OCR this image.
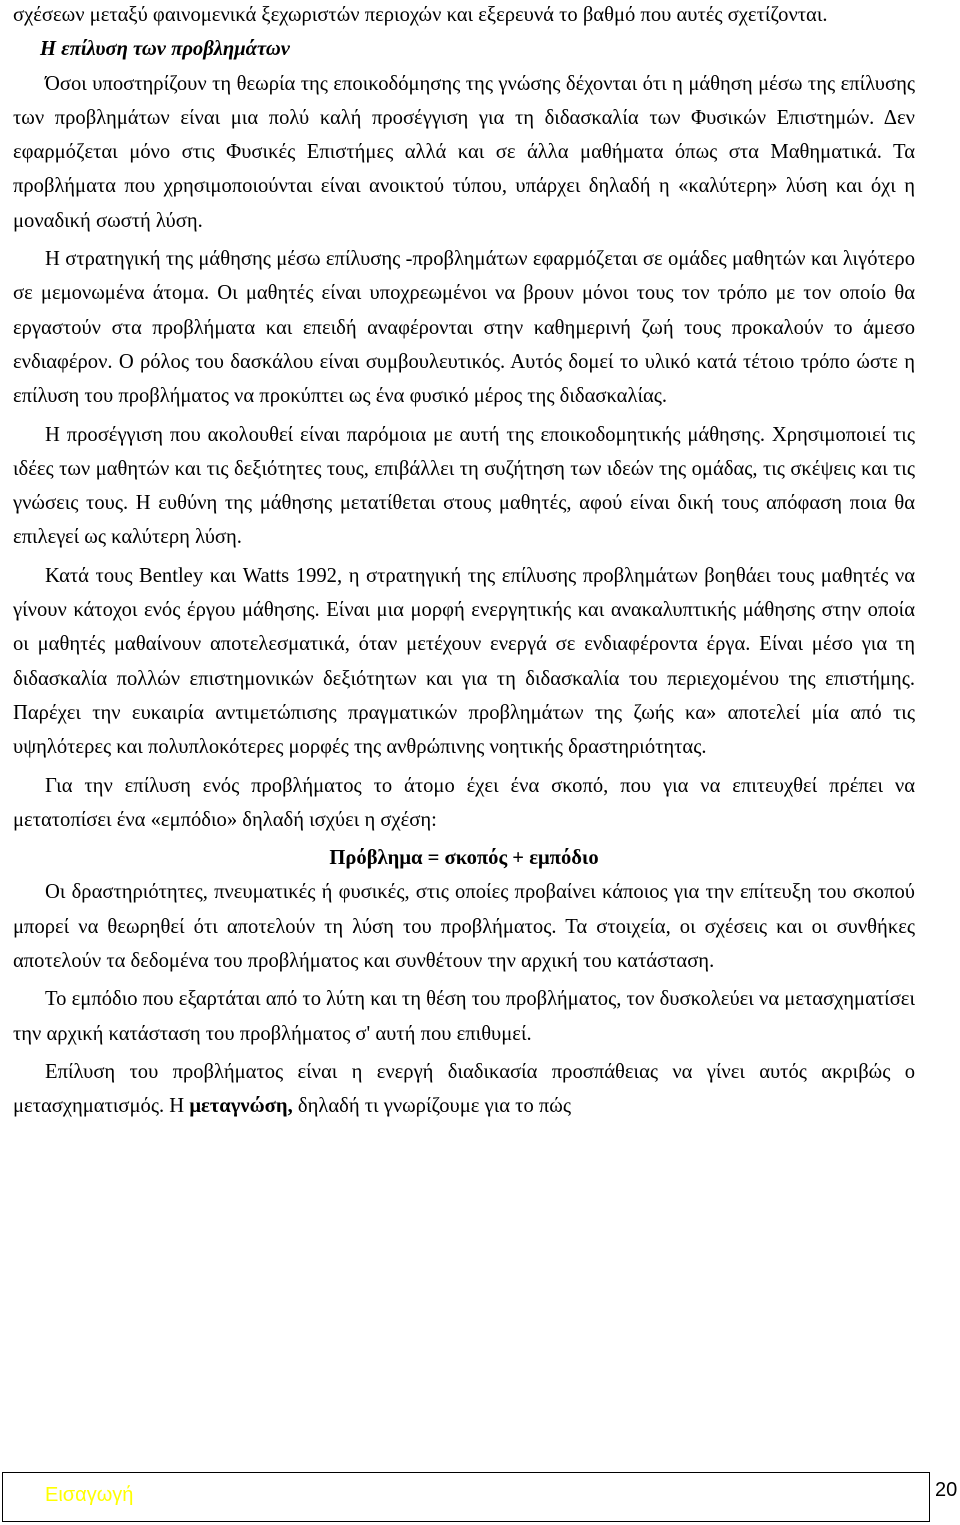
σχέσεων μεταξύ φαινομενικά ξεχωριστών περιοχών και εξερευνά το βαθμό που αυτές σχετίζονται.

Η επίλυση των προβλημάτων

Όσοι υποστηρίζουν τη θεωρία της εποικοδόμησης της γνώσης δέχονται ότι η μάθηση μέσω της επίλυσης των προβλημάτων είναι μια πολύ καλή προσέγγιση για τη διδασκαλία των Φυσικών Επιστημών. Δεν εφαρμόζεται μόνο στις Φυσικές Επιστήμες αλλά και σε άλλα μαθήματα όπως στα Μαθηματικά. Τα προβλήματα που χρησιμοποιούνται είναι ανοικτού τύπου, υπάρχει δηλαδή η «καλύτερη» λύση και όχι η μοναδική σωστή λύση.

Η στρατηγική της μάθησης μέσω επίλυσης -προβλημάτων εφαρμόζεται σε ομάδες μαθητών και λιγότερο σε μεμονωμένα άτομα. Οι μαθητές είναι υποχρεωμένοι να βρουν μόνοι τους τον τρόπο με τον οποίο θα εργαστούν στα προβλήματα και επειδή αναφέρονται στην καθημερινή ζωή τους προκαλούν το άμεσο ενδιαφέρον. Ο ρόλος του δασκάλου είναι συμβουλευτικός. Αυτός δομεί το υλικό κατά τέτοιο τρόπο ώστε η επίλυση του προβλήματος να προκύπτει ως ένα φυσικό μέρος της διδασκαλίας.

Η προσέγγιση που ακολουθεί είναι παρόμοια με αυτή της εποικοδομητικής μάθησης. Χρησιμοποιεί τις ιδέες των μαθητών και τις δεξιότητες τους, επιβάλλει τη συζήτηση των ιδεών της ομάδας, τις σκέψεις και τις γνώσεις τους. Η ευθύνη της μάθησης μετατίθεται στους μαθητές, αφού είναι δική τους απόφαση ποια θα επιλεγεί ως καλύτερη λύση.

Κατά τους Bentley και Watts 1992, η στρατηγική της επίλυσης προβλημάτων βοηθάει τους μαθητές να γίνουν κάτοχοι ενός έργου μάθησης. Είναι μια μορφή ενεργητικής και ανακαλυπτικής μάθησης στην οποία οι μαθητές μαθαίνουν αποτελεσματικά, όταν μετέχουν ενεργά σε ενδιαφέροντα έργα. Είναι μέσο για τη διδασκαλία πολλών επιστημονικών δεξιότητων και για τη διδασκαλία του περιεχομένου της επιστήμης. Παρέχει την ευκαιρία αντιμετώπισης πραγματικών προβλημάτων της ζωής κα» αποτελεί μία από τις υψηλότερες και πολυπλοκότερες μορφές της ανθρώπινης νοητικής δραστηριότητας.

Για την επίλυση ενός προβλήματος το άτομο έχει ένα σκοπό, που για να επιτευχθεί πρέπει να μετατοπίσει ένα «εμπόδιο» δηλαδή ισχύει η σχέση:

Πρόβλημα = σκοπός + εμπόδιο

Οι δραστηριότητες, πνευματικές ή φυσικές, στις οποίες προβαίνει κάποιος για την επίτευξη του σκοπού μπορεί να θεωρηθεί ότι αποτελούν τη λύση του προβλήματος. Τα στοιχεία, οι σχέσεις και οι συνθήκες αποτελούν τα δεδομένα του προβλήματος και συνθέτουν την αρχική του κατάσταση.

Το εμπόδιο που εξαρτάται από το λύτη και τη θέση του προβλήματος, τον δυσκολεύει να μετασχηματίσει την αρχική κατάσταση του προβλήματος σ' αυτή που επιθυμεί.

Επίλυση του προβλήματος είναι η ενεργή διαδικασία προσπάθειας να γίνει αυτός ακριβώς ο μετασχηματισμός. Η μεταγνώση, δηλαδή τι γνωρίζουμε για το πώς

Εισαγωγή	20
